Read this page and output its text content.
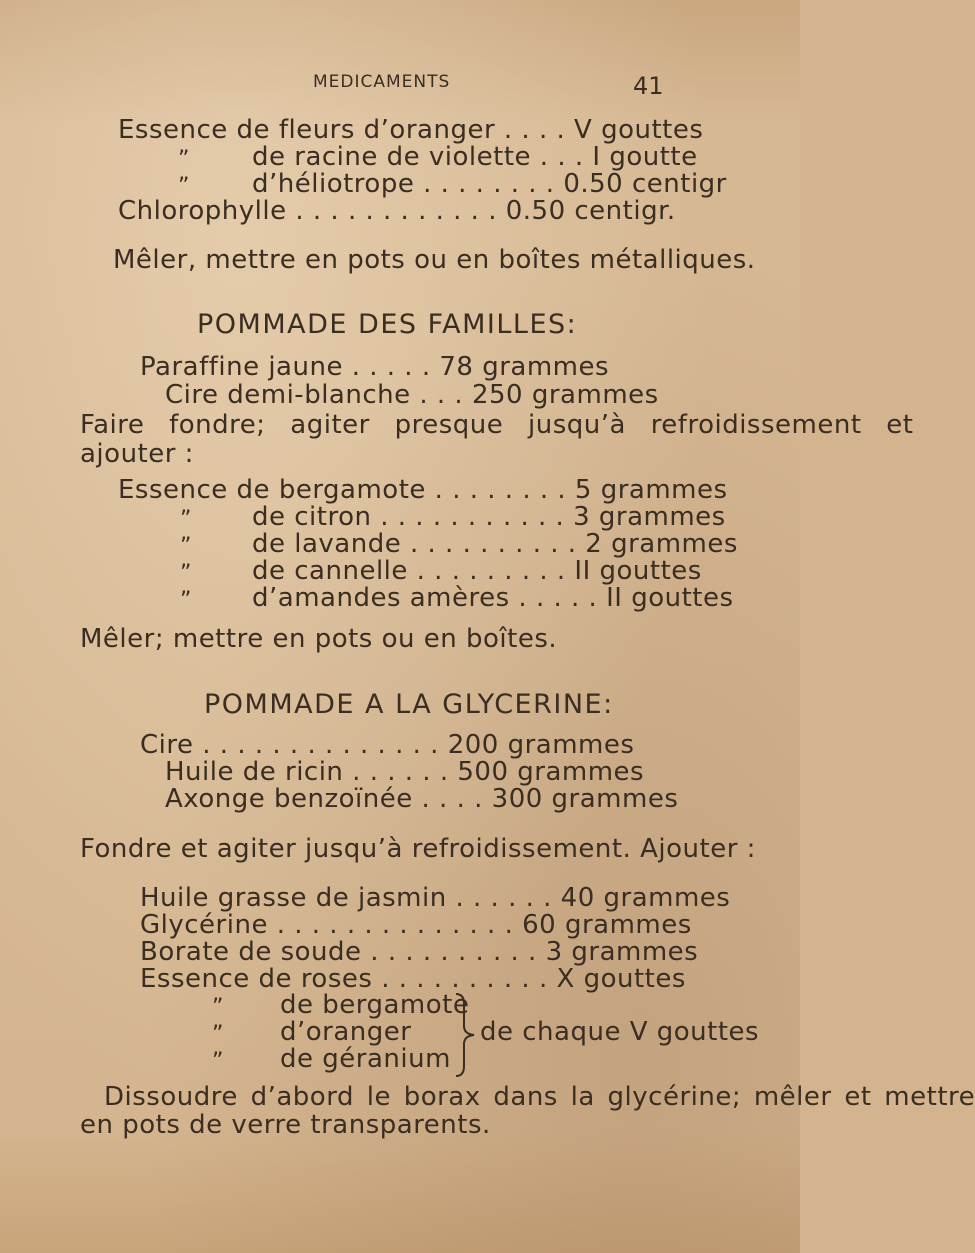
MEDICAMENTS	41
Essence de fleurs d’oranger . . . . V gouttes
” de racine de violette . . . I goutte
” d’héliotrope . . . . . . . . 0.50 centigr
Chlorophylle . . . . . . . . . . . . 0.50 centigr.
Mêler, mettre en pots ou en boîtes métalliques.
POMMADE DES FAMILLES:
Paraffine jaune . . . . . 78 grammes
Cire demi-blanche . . . 250 grammes
Faire fondre; agiter presque jusqu’à refroidissement et
ajouter :
Essence de bergamote . . . . . . . . 5 grammes
” de citron . . . . . . . . . . . 3 grammes
” de lavande . . . . . . . . . . 2 grammes
” de cannelle . . . . . . . . . II gouttes
” d’amandes amères . . . . . II gouttes
Mêler; mettre en pots ou en boîtes.
POMMADE A LA GLYCERINE:
Cire . . . . . . . . . . . . . . 200 grammes
Huile de ricin . . . . . . 500 grammes
Axonge benzoïnée . . . . 300 grammes
Fondre et agiter jusqu’à refroidissement. Ajouter :
Huile grasse de jasmin . . . . . . 40 grammes
Glycérine . . . . . . . . . . . . . . 60 grammes
Borate de soude . . . . . . . . . . 3 grammes
Essence de roses . . . . . . . . . . X gouttes
” de bergamote
” d’oranger
” de géranium
de chaque V gouttes
Dissoudre d’abord le borax dans la glycérine; mêler et mettre
en pots de verre transparents.
